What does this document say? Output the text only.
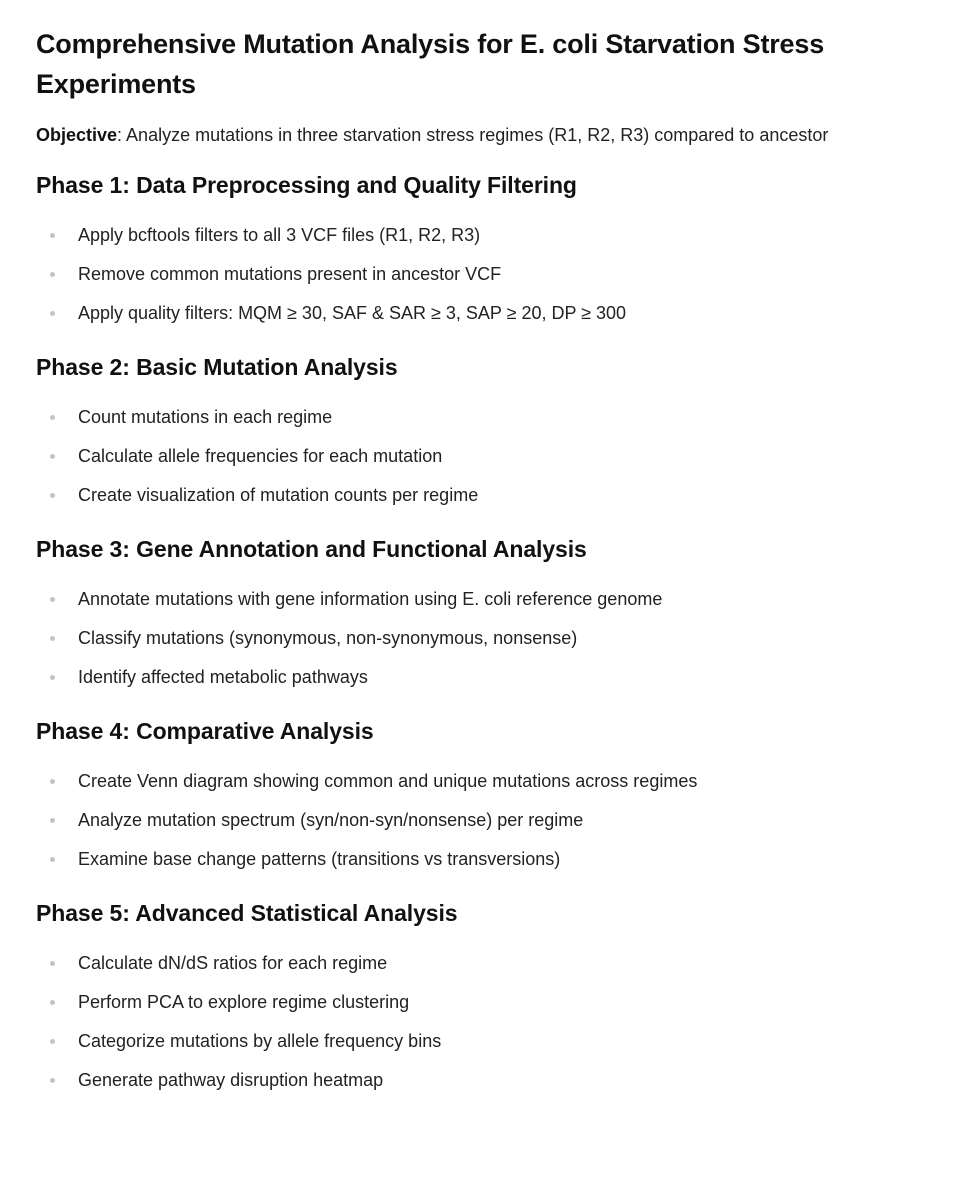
Comprehensive Mutation Analysis for E. coli Starvation Stress Experiments

Objective: Analyze mutations in three starvation stress regimes (R1, R2, R3) compared to ancestor

Phase 1: Data Preprocessing and Quality Filtering
Apply bcftools filters to all 3 VCF files (R1, R2, R3)
Remove common mutations present in ancestor VCF
Apply quality filters: MQM ≥ 30, SAF & SAR ≥ 3, SAP ≥ 20, DP ≥ 300
Phase 2: Basic Mutation Analysis
Count mutations in each regime
Calculate allele frequencies for each mutation
Create visualization of mutation counts per regime
Phase 3: Gene Annotation and Functional Analysis
Annotate mutations with gene information using E. coli reference genome
Classify mutations (synonymous, non-synonymous, nonsense)
Identify affected metabolic pathways
Phase 4: Comparative Analysis
Create Venn diagram showing common and unique mutations across regimes
Analyze mutation spectrum (syn/non-syn/nonsense) per regime
Examine base change patterns (transitions vs transversions)
Phase 5: Advanced Statistical Analysis
Calculate dN/dS ratios for each regime
Perform PCA to explore regime clustering
Categorize mutations by allele frequency bins
Generate pathway disruption heatmap
